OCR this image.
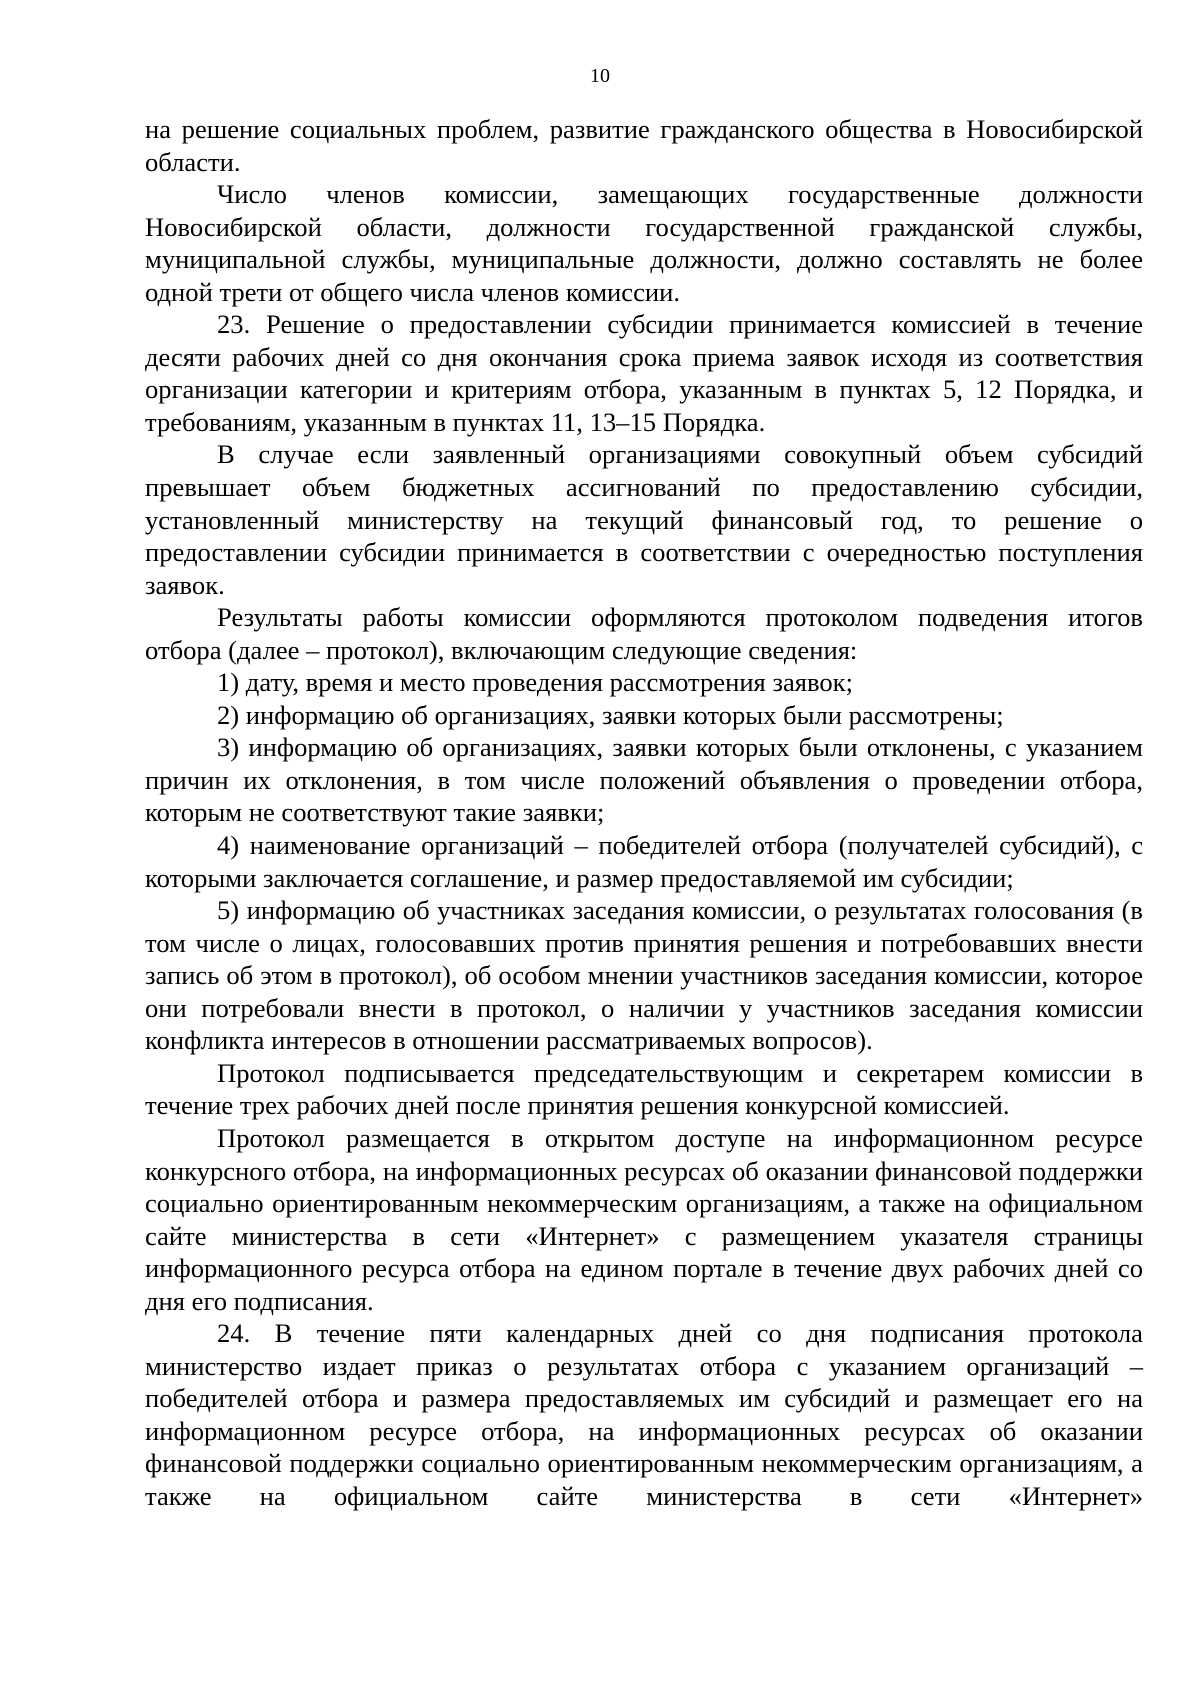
10

на решение социальных проблем, развитие гражданского общества в Новосибирской области.

Число членов комиссии, замещающих государственные должности Новосибирской области, должности государственной гражданской службы, муниципальной службы, муниципальные должности, должно составлять не более одной трети от общего числа членов комиссии.

23. Решение о предоставлении субсидии принимается комиссией в течение десяти рабочих дней со дня окончания срока приема заявок исходя из соответствия организации категории и критериям отбора, указанным в пунктах 5, 12 Порядка, и требованиям, указанным в пунктах 11, 13–15 Порядка.

В случае если заявленный организациями совокупный объем субсидий превышает объем бюджетных ассигнований по предоставлению субсидии, установленный министерству на текущий финансовый год, то решение о предоставлении субсидии принимается в соответствии с очередностью поступления заявок.

Результаты работы комиссии оформляются протоколом подведения итогов отбора (далее – протокол), включающим следующие сведения:

1) дату, время и место проведения рассмотрения заявок;

2) информацию об организациях, заявки которых были рассмотрены;

3) информацию об организациях, заявки которых были отклонены, с указанием причин их отклонения, в том числе положений объявления о проведении отбора, которым не соответствуют такие заявки;

4) наименование организаций – победителей отбора (получателей субсидий), с которыми заключается соглашение, и размер предоставляемой им субсидии;

5) информацию об участниках заседания комиссии, о результатах голосования (в том числе о лицах, голосовавших против принятия решения и потребовавших внести запись об этом в протокол), об особом мнении участников заседания комиссии, которое они потребовали внести в протокол, о наличии у участников заседания комиссии конфликта интересов в отношении рассматриваемых вопросов).

Протокол подписывается председательствующим и секретарем комиссии в течение трех рабочих дней после принятия решения конкурсной комиссией.

Протокол размещается в открытом доступе на информационном ресурсе конкурсного отбора, на информационных ресурсах об оказании финансовой поддержки социально ориентированным некоммерческим организациям, а также на официальном сайте министерства в сети «Интернет» с размещением указателя страницы информационного ресурса отбора на едином портале в течение двух рабочих дней со дня его подписания.

24. В течение пяти календарных дней со дня подписания протокола министерство издает приказ о результатах отбора с указанием организаций – победителей отбора и размера предоставляемых им субсидий и размещает его на информационном ресурсе отбора, на информационных ресурсах об оказании финансовой поддержки социально ориентированным некоммерческим организациям, а также на официальном сайте министерства в сети «Интернет»
